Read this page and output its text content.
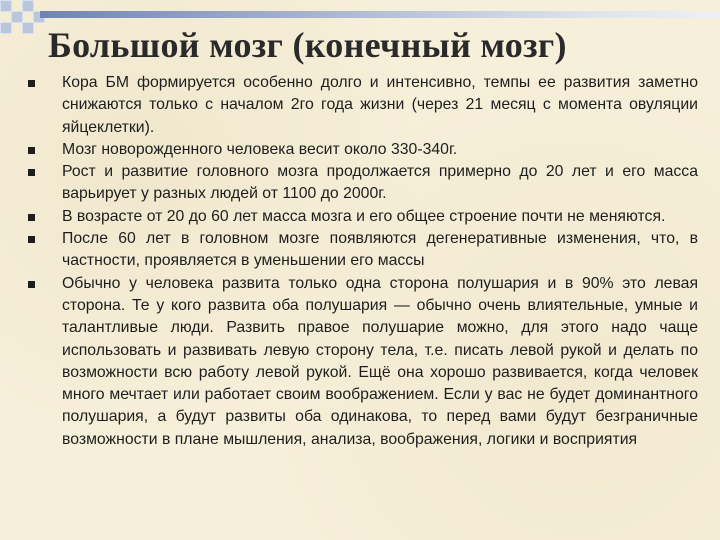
Большой мозг (конечный мозг)
Кора БМ формируется особенно долго и интенсивно, темпы ее развития заметно снижаются только с началом 2го года жизни (через 21 месяц с момента овуляции яйцеклетки).
Мозг новорожденного человека весит около 330-340г.
Рост и развитие головного мозга продолжается примерно до 20 лет и его масса варьирует у разных людей от 1100 до 2000г.
В возрасте от 20 до 60 лет масса мозга и его общее строение почти не меняются.
После 60 лет в головном мозге появляются дегенеративные изменения, что, в частности, проявляется в уменьшении его массы
Обычно у человека развита только одна сторона полушария и в 90% это левая сторона. Те у кого развита оба полушария — обычно очень влиятельные, умные и талантливые люди. Развить правое полушарие можно, для этого надо чаще использовать и развивать левую сторону тела, т.е. писать левой рукой и делать по возможности всю работу левой рукой. Ещё она хорошо развивается, когда человек много мечтает или работает своим воображением. Если у вас не будет доминантного полушария, а будут развиты оба одинакова, то перед вами будут безграничные возможности в плане мышления, анализа, воображения, логики и восприятия
